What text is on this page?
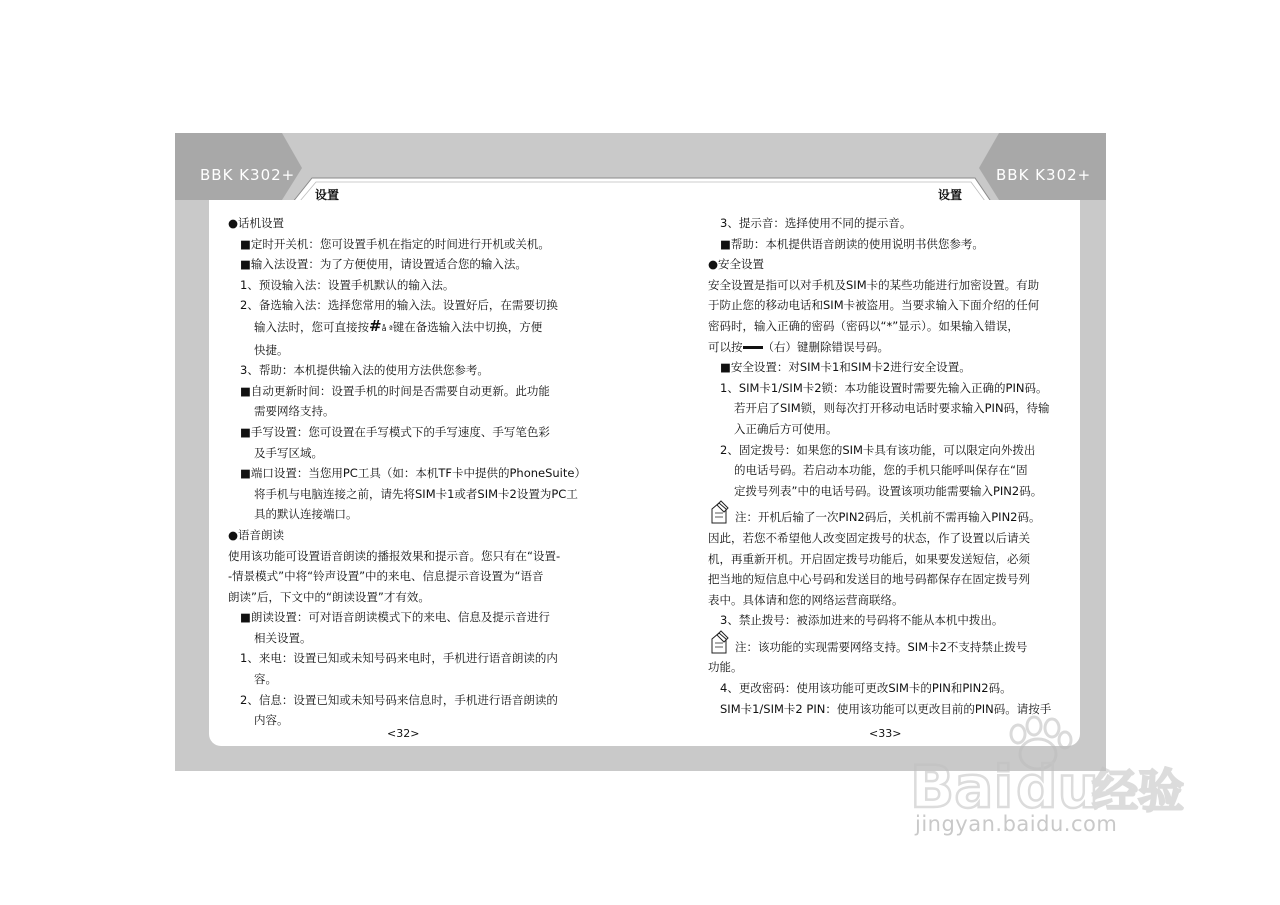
BBK K302+	BBK K302+
设置	设置

●话机设置

■定时开关机：您可设置手机在指定的时间进行开机或关机。

■输入法设置：为了方便使用，请设置适合您的输入法。

1、预设输入法：设置手机默认的输入法。

2、备选输入法：选择您常用的输入法。设置好后，在需要切换

输入法时，您可直接按#å ª键在备选输入法中切换，方便

快捷。

3、帮助：本机提供输入法的使用方法供您参考。

■自动更新时间：设置手机的时间是否需要自动更新。此功能

需要网络支持。

■手写设置：您可设置在手写模式下的手写速度、手写笔色彩

及手写区域。

■端口设置：当您用PC工具（如：本机TF卡中提供的PhoneSuite）

将手机与电脑连接之前，请先将SIM卡1或者SIM卡2设置为PC工

具的默认连接端口。

●语音朗读

使用该功能可设置语音朗读的播报效果和提示音。您只有在“设置-

-情景模式”中将“铃声设置”中的来电、信息提示音设置为“语音

朗读”后，下文中的“朗读设置”才有效。

■朗读设置：可对语音朗读模式下的来电、信息及提示音进行

相关设置。

1、来电：设置已知或未知号码来电时，手机进行语音朗读的内

容。

2、信息：设置已知或未知号码来信息时，手机进行语音朗读的

内容。

<32>

3、提示音：选择使用不同的提示音。

■帮助：本机提供语音朗读的使用说明书供您参考。

●安全设置

安全设置是指可以对手机及SIM卡的某些功能进行加密设置。有助

于防止您的移动电话和SIM卡被盗用。当要求输入下面介绍的任何

密码时，输入正确的密码（密码以“*”显示）。如果输入错误，

可以按 （右）键删除错误号码。

■安全设置：对SIM卡1和SIM卡2进行安全设置。

1、SIM卡1/SIM卡2锁：本功能设置时需要先输入正确的PIN码。

若开启了SIM锁，则每次打开移动电话时要求输入PIN码，待输

入正确后方可使用。

2、固定拨号：如果您的SIM卡具有该功能，可以限定向外拨出

的电话号码。若启动本功能，您的手机只能呼叫保存在“固

定拨号列表”中的电话号码。设置该项功能需要输入PIN2码。

注：开机后输了一次PIN2码后，关机前不需再输入PIN2码。

因此，若您不希望他人改变固定拨号的状态，作了设置以后请关

机，再重新开机。开启固定拨号功能后，如果要发送短信，必须

把当地的短信息中心号码和发送目的地号码都保存在固定拨号列

表中。具体请和您的网络运营商联络。

3、禁止拨号：被添加进来的号码将不能从本机中拨出。

注：该功能的实现需要网络支持。SIM卡2不支持禁止拨号

功能。

4、更改密码：使用该功能可更改SIM卡的PIN和PIN2码。

SIM卡1/SIM卡2 PIN：使用该功能可以更改目前的PIN码。请按手

<33>
Bai du
经验
jingyan.baidu.com
